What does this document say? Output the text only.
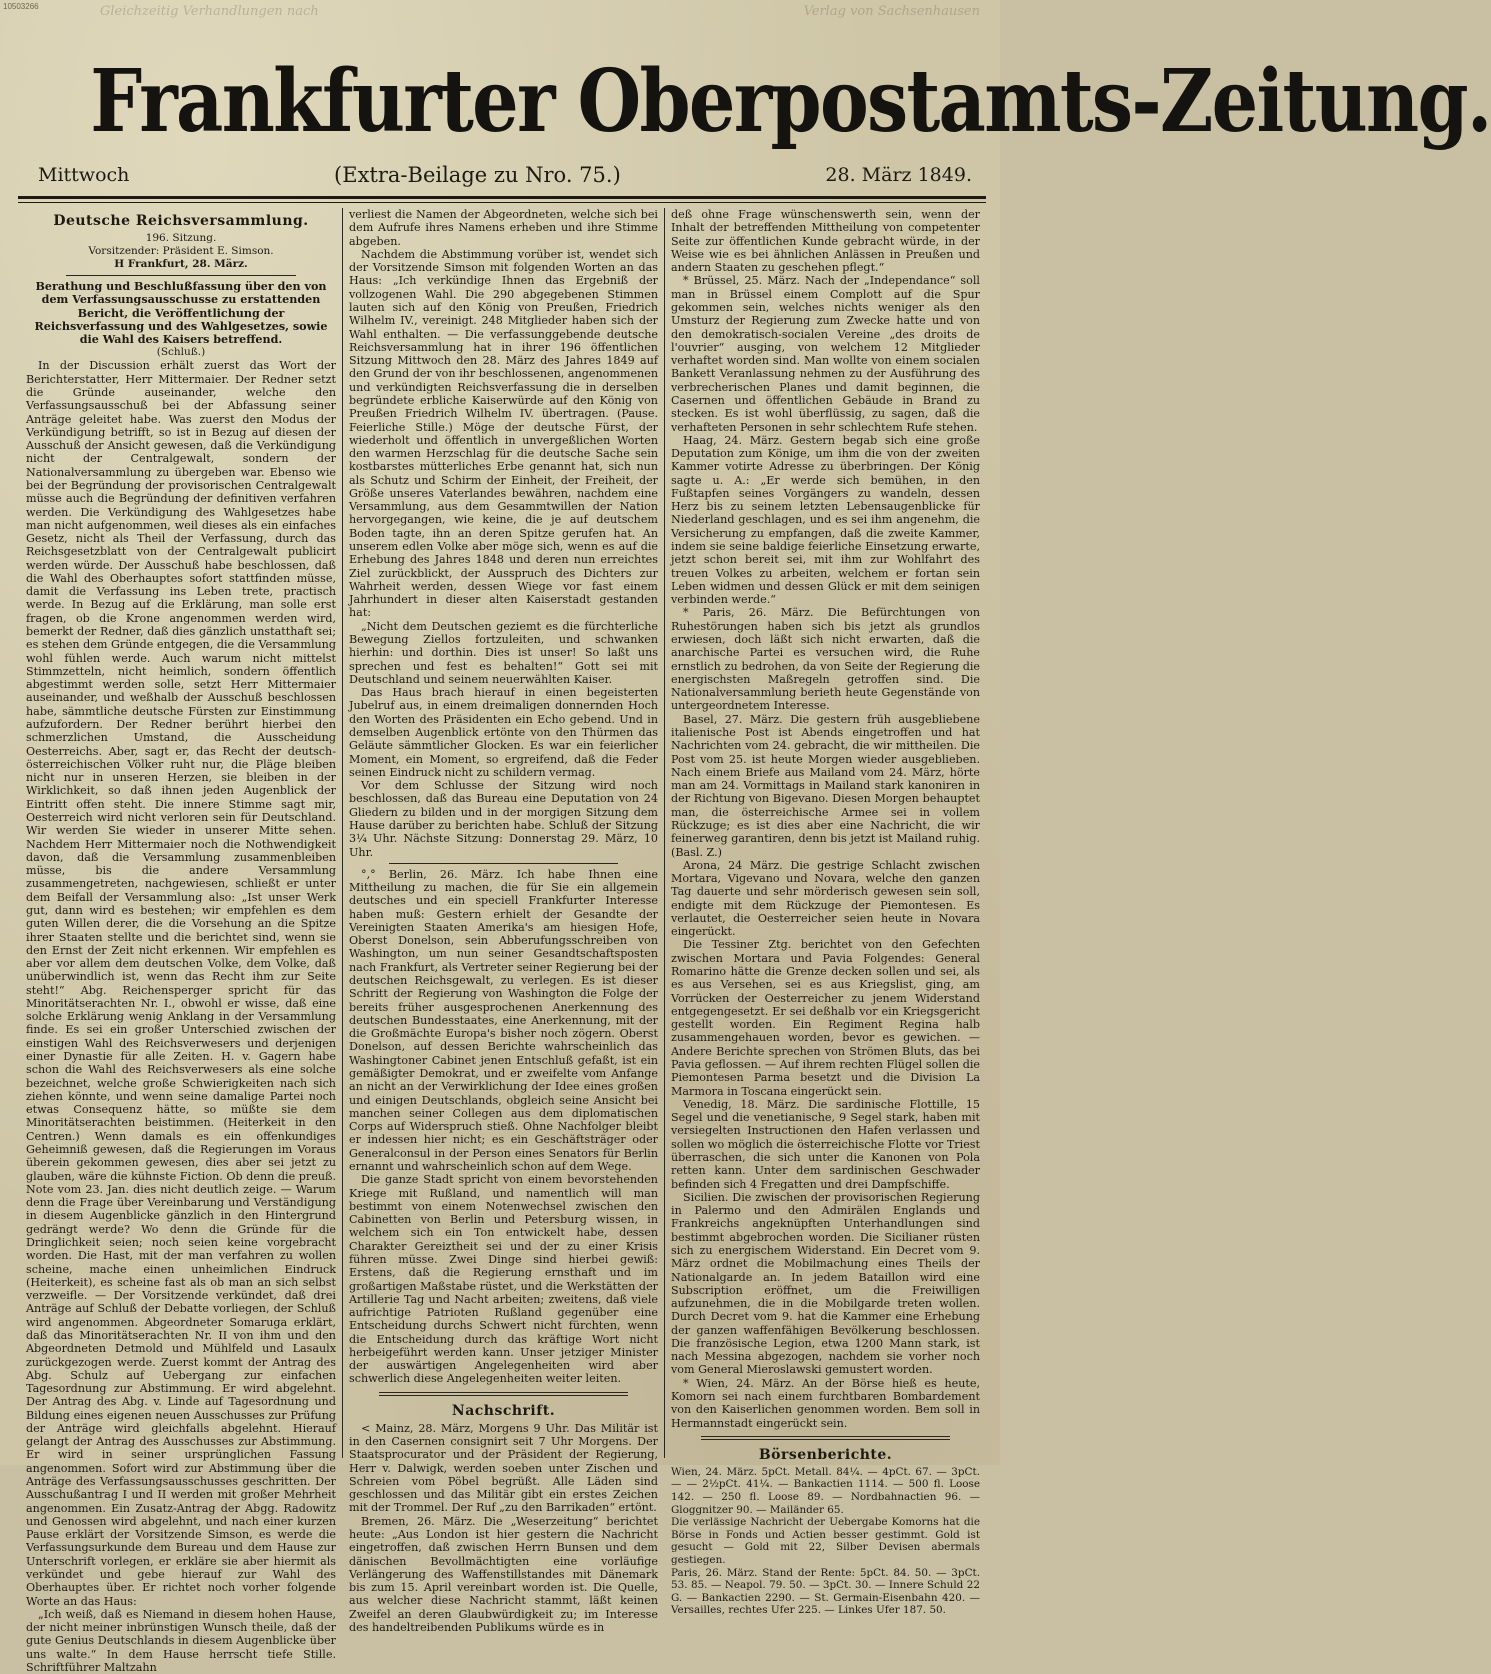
10503266	Gleichzeitig Verhandlungen nach	Verlag von Sachsenhausen
Frankfurter Oberpostamts-Zeitung.
Mittwoch	(Extra-Beilage zu Nro. 75.)	28. März 1849.
Deutsche Reichsversammlung.
196. Sitzung.
Vorsitzender: Präsident E. Simson.
H Frankfurt, 28. März.

Berathung und Beschlußfassung über den von dem Verfassungsausschusse zu erstattenden Bericht, die Veröffentlichung der Reichsverfassung und des Wahlgesetzes, sowie die Wahl des Kaisers betreffend.

(Schluß.)

In der Discussion erhält zuerst das Wort der Berichterstatter, Herr Mittermaier. Der Redner setzt die Gründe auseinander, welche den Verfassungsausschuß bei der Abfassung seiner Anträge geleitet habe. Was zuerst den Modus der Verkündigung betrifft, so ist in Bezug auf diesen der Ausschuß der Ansicht gewesen, daß die Verkündigung nicht der Centralgewalt, sondern der Nationalversammlung zu übergeben war. Ebenso wie bei der Begründung der provisorischen Centralgewalt müsse auch die Begründung der definitiven verfahren werden. Die Verkündigung des Wahlgesetzes habe man nicht aufgenommen, weil dieses als ein einfaches Gesetz, nicht als Theil der Verfassung, durch das Reichsgesetzblatt von der Centralgewalt publicirt werden würde. Der Ausschuß habe beschlossen, daß die Wahl des Oberhauptes sofort stattfinden müsse, damit die Verfassung ins Leben trete, practisch werde. In Bezug auf die Erklärung, man solle erst fragen, ob die Krone angenommen werden wird, bemerkt der Redner, daß dies gänzlich unstatthaft sei; es stehen dem Gründe entgegen, die die Versammlung wohl fühlen werde. Auch warum nicht mittelst Stimmzetteln, nicht heimlich, sondern öffentlich abgestimmt werden solle, setzt Herr Mittermaier auseinander, und weßhalb der Ausschuß beschlossen habe, sämmtliche deutsche Fürsten zur Einstimmung aufzufordern. Der Redner berührt hierbei den schmerzlichen Umstand, die Ausscheidung Oesterreichs. Aber, sagt er, das Recht der deutsch-österreichischen Völker ruht nur, die Pläge bleiben nicht nur in unseren Herzen, sie bleiben in der Wirklichkeit, so daß ihnen jeden Augenblick der Eintritt offen steht. Die innere Stimme sagt mir, Oesterreich wird nicht verloren sein für Deutschland. Wir werden Sie wieder in unserer Mitte sehen. Nachdem Herr Mittermaier noch die Nothwendigkeit davon, daß die Versammlung zusammenbleiben müsse, bis die andere Versammlung zusammengetreten, nachgewiesen, schließt er unter dem Beifall der Versammlung also: „Ist unser Werk gut, dann wird es bestehen; wir empfehlen es dem guten Willen derer, die die Vorsehung an die Spitze ihrer Staaten stellte und die berichtet sind, wenn sie den Ernst der Zeit nicht erkennen. Wir empfehlen es aber vor allem dem deutschen Volke, dem Volke, daß unüberwindlich ist, wenn das Recht ihm zur Seite steht!“ Abg. Reichensperger spricht für das Minoritätserachten Nr. I., obwohl er wisse, daß eine solche Erklärung wenig Anklang in der Versammlung finde. Es sei ein großer Unterschied zwischen der einstigen Wahl des Reichsverwesers und derjenigen einer Dynastie für alle Zeiten. H. v. Gagern habe schon die Wahl des Reichsverwesers als eine solche bezeichnet, welche große Schwierigkeiten nach sich ziehen könnte, und wenn seine damalige Partei noch etwas Consequenz hätte, so müßte sie dem Minoritätserachten beistimmen. (Heiterkeit in den Centren.) Wenn damals es ein offenkundiges Geheimniß gewesen, daß die Regierungen im Voraus überein gekommen gewesen, dies aber sei jetzt zu glauben, wäre die kühnste Fiction. Ob denn die preuß. Note vom 23. Jan. dies nicht deutlich zeige. — Warum denn die Frage über Vereinbarung und Verständigung in diesem Augenblicke gänzlich in den Hintergrund gedrängt werde? Wo denn die Gründe für die Dringlichkeit seien; noch seien keine vorgebracht worden. Die Hast, mit der man verfahren zu wollen scheine, mache einen unheimlichen Eindruck (Heiterkeit), es scheine fast als ob man an sich selbst verzweifle. — Der Vorsitzende verkündet, daß drei Anträge auf Schluß der Debatte vorliegen, der Schluß wird angenommen. Abgeordneter Somaruga erklärt, daß das Minoritätserachten Nr. II von ihm und den Abgeordneten Detmold und Mühlfeld und Lasaulx zurückgezogen werde. Zuerst kommt der Antrag des Abg. Schulz auf Uebergang zur einfachen Tagesordnung zur Abstimmung. Er wird abgelehnt. Der Antrag des Abg. v. Linde auf Tagesordnung und Bildung eines eigenen neuen Ausschusses zur Prüfung der Anträge wird gleichfalls abgelehnt. Hierauf gelangt der Antrag des Ausschusses zur Abstimmung. Er wird in seiner ursprünglichen Fassung angenommen. Sofort wird zur Abstimmung über die Anträge des Verfassungsausschusses geschritten. Der Ausschußantrag I und II werden mit großer Mehrheit angenommen. Ein Zusatz-Antrag der Abgg. Radowitz und Genossen wird abgelehnt, und nach einer kurzen Pause erklärt der Vorsitzende Simson, es werde die Verfassungsurkunde dem Bureau und dem Hause zur Unterschrift vorlegen, er erkläre sie aber hiermit als verkündet und gebe hierauf zur Wahl des Oberhauptes über. Er richtet noch vorher folgende Worte an das Haus:

„Ich weiß, daß es Niemand in diesem hohen Hause, der nicht meiner inbrünstigen Wunsch theile, daß der gute Genius Deutschlands in diesem Augenblicke über uns walte.“ In dem Hause herrscht tiefe Stille. Schriftführer Maltzahn

verliest die Namen der Abgeordneten, welche sich bei dem Aufrufe ihres Namens erheben und ihre Stimme abgeben.

Nachdem die Abstimmung vorüber ist, wendet sich der Vorsitzende Simson mit folgenden Worten an das Haus: „Ich verkündige Ihnen das Ergebniß der vollzogenen Wahl. Die 290 abgegebenen Stimmen lauten sich auf den König von Preußen, Friedrich Wilhelm IV., vereinigt. 248 Mitglieder haben sich der Wahl enthalten. — Die verfassunggebende deutsche Reichsversammlung hat in ihrer 196 öffentlichen Sitzung Mittwoch den 28. März des Jahres 1849 auf den Grund der von ihr beschlossenen, angenommenen und verkündigten Reichsverfassung die in derselben begründete erbliche Kaiserwürde auf den König von Preußen Friedrich Wilhelm IV. übertragen. (Pause. Feierliche Stille.) Möge der deutsche Fürst, der wiederholt und öffentlich in unvergeßlichen Worten den warmen Herzschlag für die deutsche Sache sein kostbarstes mütterliches Erbe genannt hat, sich nun als Schutz und Schirm der Einheit, der Freiheit, der Größe unseres Vaterlandes bewähren, nachdem eine Versammlung, aus dem Gesammtwillen der Nation hervorgegangen, wie keine, die je auf deutschem Boden tagte, ihn an deren Spitze gerufen hat. An unserem edlen Volke aber möge sich, wenn es auf die Erhebung des Jahres 1848 und deren nun erreichtes Ziel zurückblickt, der Ausspruch des Dichters zur Wahrheit werden, dessen Wiege vor fast einem Jahrhundert in dieser alten Kaiserstadt gestanden hat:

„Nicht dem Deutschen geziemt es die fürchterliche Bewegung Ziellos fortzuleiten, und schwanken hierhin: und dorthin. Dies ist unser! So laßt uns sprechen und fest es behalten!“ Gott sei mit Deutschland und seinem neuerwählten Kaiser.

Das Haus brach hierauf in einen begeisterten Jubelruf aus, in einem dreimaligen donnernden Hoch den Worten des Präsidenten ein Echo gebend. Und in demselben Augenblick ertönte von den Thürmen das Geläute sämmtlicher Glocken. Es war ein feierlicher Moment, ein Moment, so ergreifend, daß die Feder seinen Eindruck nicht zu schildern vermag.

Vor dem Schlusse der Sitzung wird noch beschlossen, daß das Bureau eine Deputation von 24 Gliedern zu bilden und in der morgigen Sitzung dem Hause darüber zu berichten habe. Schluß der Sitzung 3¼ Uhr. Nächste Sitzung: Donnerstag 29. März, 10 Uhr.

°,° Berlin, 26. März. Ich habe Ihnen eine Mittheilung zu machen, die für Sie ein allgemein deutsches und ein speciell Frankfurter Interesse haben muß: Gestern erhielt der Gesandte der Vereinigten Staaten Amerika's am hiesigen Hofe, Oberst Donelson, sein Abberufungsschreiben von Washington, um nun seiner Gesandtschaftsposten nach Frankfurt, als Vertreter seiner Regierung bei der deutschen Reichsgewalt, zu verlegen. Es ist dieser Schritt der Regierung von Washington die Folge der bereits früher ausgesprochenen Anerkennung des deutschen Bundesstaates, eine Anerkennung, mit der die Großmächte Europa's bisher noch zögern. Oberst Donelson, auf dessen Berichte wahrscheinlich das Washingtoner Cabinet jenen Entschluß gefaßt, ist ein gemäßigter Demokrat, und er zweifelte vom Anfange an nicht an der Verwirklichung der Idee eines großen und einigen Deutschlands, obgleich seine Ansicht bei manchen seiner Collegen aus dem diplomatischen Corps auf Widerspruch stieß. Ohne Nachfolger bleibt er indessen hier nicht; es ein Geschäftsträger oder Generalconsul in der Person eines Senators für Berlin ernannt und wahrscheinlich schon auf dem Wege.

Die ganze Stadt spricht von einem bevorstehenden Kriege mit Rußland, und namentlich will man bestimmt von einem Notenwechsel zwischen den Cabinetten von Berlin und Petersburg wissen, in welchem sich ein Ton entwickelt habe, dessen Charakter Gereiztheit sei und der zu einer Krisis führen müsse. Zwei Dinge sind hierbei gewiß: Erstens, daß die Regierung ernsthaft und im großartigen Maßstabe rüstet, und die Werkstätten der Artillerie Tag und Nacht arbeiten; zweitens, daß viele aufrichtige Patrioten Rußland gegenüber eine Entscheidung durchs Schwert nicht fürchten, wenn die Entscheidung durch das kräftige Wort nicht herbeigeführt werden kann. Unser jetziger Minister der auswärtigen Angelegenheiten wird aber schwerlich diese Angelegenheiten weiter leiten.

Nachschrift.

< Mainz, 28. März, Morgens 9 Uhr. Das Militär ist in den Casernen consignirt seit 7 Uhr Morgens. Der Staatsprocurator und der Präsident der Regierung, Herr v. Dalwigk, werden soeben unter Zischen und Schreien vom Pöbel begrüßt. Alle Läden sind geschlossen und das Militär gibt ein erstes Zeichen mit der Trommel. Der Ruf „zu den Barrikaden“ ertönt.

Bremen, 26. März. Die „Weserzeitung“ berichtet heute: „Aus London ist hier gestern die Nachricht eingetroffen, daß zwischen Herrn Bunsen und dem dänischen Bevollmächtigten eine vorläufige Verlängerung des Waffenstillstandes mit Dänemark bis zum 15. April vereinbart worden ist. Die Quelle, aus welcher diese Nachricht stammt, läßt keinen Zweifel an deren Glaubwürdigkeit zu; im Interesse des handeltreibenden Publikums würde es in

deß ohne Frage wünschenswerth sein, wenn der Inhalt der betreffenden Mittheilung von competenter Seite zur öffentlichen Kunde gebracht würde, in der Weise wie es bei ähnlichen Anlässen in Preußen und andern Staaten zu geschehen pflegt.“

* Brüssel, 25. März. Nach der „Independance“ soll man in Brüssel einem Complott auf die Spur gekommen sein, welches nichts weniger als den Umsturz der Regierung zum Zwecke hatte und von den demokratisch-socialen Vereine „des droits de l'ouvrier“ ausging, von welchem 12 Mitglieder verhaftet worden sind. Man wollte von einem socialen Bankett Veranlassung nehmen zu der Ausführung des verbrecherischen Planes und damit beginnen, die Casernen und öffentlichen Gebäude in Brand zu stecken. Es ist wohl überflüssig, zu sagen, daß die verhafteten Personen in sehr schlechtem Rufe stehen.

Haag, 24. März. Gestern begab sich eine große Deputation zum Könige, um ihm die von der zweiten Kammer votirte Adresse zu überbringen. Der König sagte u. A.: „Er werde sich bemühen, in den Fußtapfen seines Vorgängers zu wandeln, dessen Herz bis zu seinem letzten Lebensaugenblicke für Niederland geschlagen, und es sei ihm angenehm, die Versicherung zu empfangen, daß die zweite Kammer, indem sie seine baldige feierliche Einsetzung erwarte, jetzt schon bereit sei, mit ihm zur Wohlfahrt des treuen Volkes zu arbeiten, welchem er fortan sein Leben widmen und dessen Glück er mit dem seinigen verbinden werde.“

* Paris, 26. März. Die Befürchtungen von Ruhestörungen haben sich bis jetzt als grundlos erwiesen, doch läßt sich nicht erwarten, daß die anarchische Partei es versuchen wird, die Ruhe ernstlich zu bedrohen, da von Seite der Regierung die energischsten Maßregeln getroffen sind. Die Nationalversammlung berieth heute Gegenstände von untergeordnetem Interesse.

Basel, 27. März. Die gestern früh ausgebliebene italienische Post ist Abends eingetroffen und hat Nachrichten vom 24. gebracht, die wir mittheilen. Die Post vom 25. ist heute Morgen wieder ausgeblieben. Nach einem Briefe aus Mailand vom 24. März, hörte man am 24. Vormittags in Mailand stark kanoniren in der Richtung von Bigevano. Diesen Morgen behauptet man, die österreichische Armee sei in vollem Rückzuge; es ist dies aber eine Nachricht, die wir feinerweg garantiren, denn bis jetzt ist Mailand ruhig. (Basl. Z.)

Arona, 24 März. Die gestrige Schlacht zwischen Mortara, Vigevano und Novara, welche den ganzen Tag dauerte und sehr mörderisch gewesen sein soll, endigte mit dem Rückzuge der Piemontesen. Es verlautet, die Oesterreicher seien heute in Novara eingerückt.

Die Tessiner Ztg. berichtet von den Gefechten zwischen Mortara und Pavia Folgendes: General Romarino hätte die Grenze decken sollen und sei, als es aus Versehen, sei es aus Kriegslist, ging, am Vorrücken der Oesterreicher zu jenem Widerstand entgegengesetzt. Er sei deßhalb vor ein Kriegsgericht gestellt worden. Ein Regiment Regina halb zusammengehauen worden, bevor es gewichen. — Andere Berichte sprechen von Strömen Bluts, das bei Pavia geflossen. — Auf ihrem rechten Flügel sollen die Piemontesen Parma besetzt und die Division La Marmora in Toscana eingerückt sein.

Venedig, 18. März. Die sardinische Flottille, 15 Segel und die venetianische, 9 Segel stark, haben mit versiegelten Instructionen den Hafen verlassen und sollen wo möglich die österreichische Flotte vor Triest überraschen, die sich unter die Kanonen von Pola retten kann. Unter dem sardinischen Geschwader befinden sich 4 Fregatten und drei Dampfschiffe.

Sicilien. Die zwischen der provisorischen Regierung in Palermo und den Admirälen Englands und Frankreichs angeknüpften Unterhandlungen sind bestimmt abgebrochen worden. Die Sicilianer rüsten sich zu energischem Widerstand. Ein Decret vom 9. März ordnet die Mobilmachung eines Theils der Nationalgarde an. In jedem Bataillon wird eine Subscription eröffnet, um die Freiwilligen aufzunehmen, die in die Mobilgarde treten wollen. Durch Decret vom 9. hat die Kammer eine Erhebung der ganzen waffenfähigen Bevölkerung beschlossen. Die französische Legion, etwa 1200 Mann stark, ist nach Messina abgezogen, nachdem sie vorher noch vom General Mieroslawski gemustert worden.

* Wien, 24. März. An der Börse hieß es heute, Komorn sei nach einem furchtbaren Bombardement von den Kaiserlichen genommen worden. Bem soll in Hermannstadt eingerückt sein.

Börsenberichte.

Wien, 24. März. 5pCt. Metall. 84¼. — 4pCt. 67. — 3pCt. — — 2½pCt. 41¼. — Bankactien 1114. — 500 fl. Loose 142. — 250 fl. Loose 89. — Nordbahnactien 96. — Gloggnitzer 90. — Mailänder 65.

Die verlässige Nachricht der Uebergabe Komorns hat die Börse in Fonds und Actien besser gestimmt. Gold ist gesucht — Gold mit 22, Silber Devisen abermals gestiegen.

Paris, 26. März. Stand der Rente: 5pCt. 84. 50. — 3pCt. 53. 85. — Neapol. 79. 50. — 3pCt. 30. — Innere Schuld 22 G. — Bankactien 2290. — St. Germain-Eisenbahn 420. — Versailles, rechtes Ufer 225. — Linkes Ufer 187. 50.
